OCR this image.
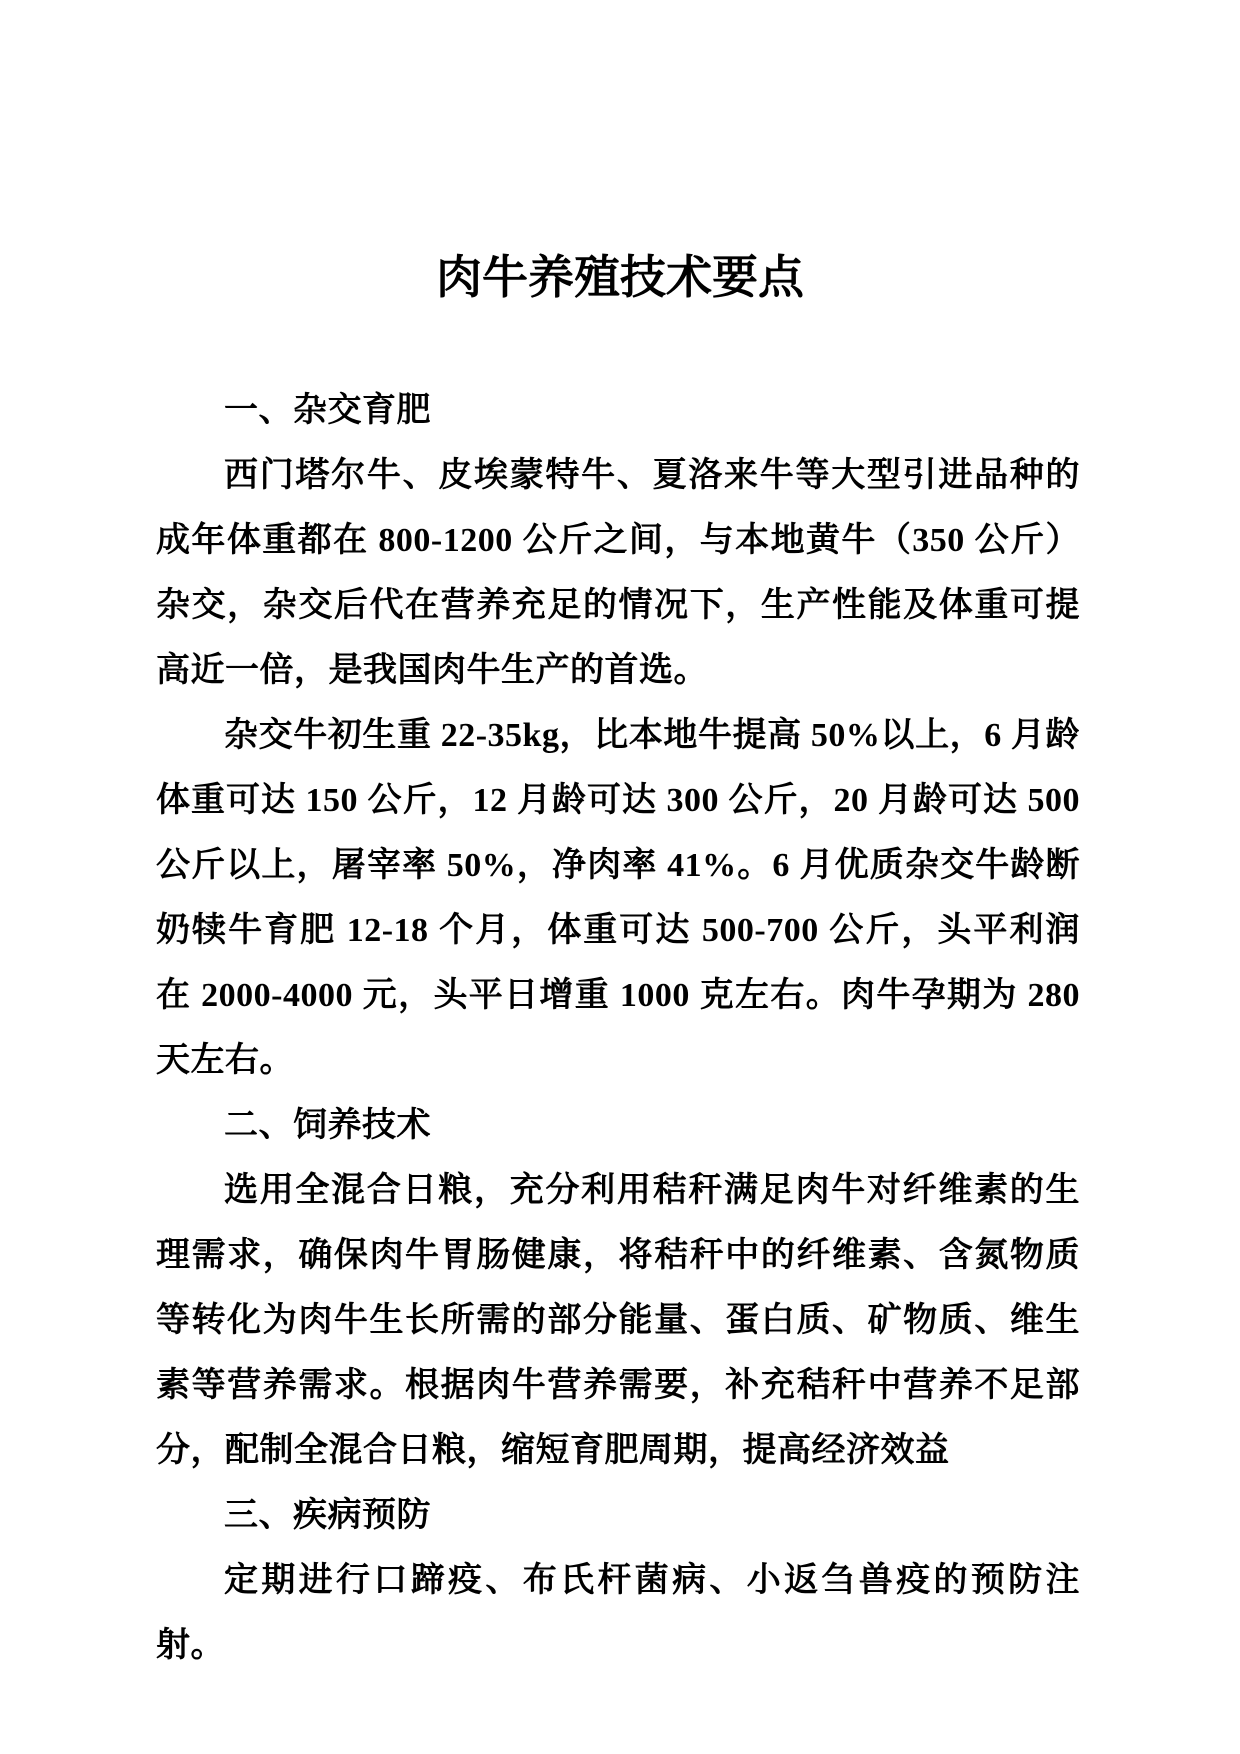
肉牛养殖技术要点

一、杂交育肥

西门塔尔牛、皮埃蒙特牛、夏洛来牛等大型引进品种的成年体重都在 800-1200 公斤之间，与本地黄牛（350 公斤）杂交，杂交后代在营养充足的情况下，生产性能及体重可提高近一倍，是我国肉牛生产的首选。

杂交牛初生重 22-35kg，比本地牛提高 50%以上，6 月龄体重可达 150 公斤，12 月龄可达 300 公斤，20 月龄可达 500 公斤以上，屠宰率 50%，净肉率 41%。6 月优质杂交牛龄断奶犊牛育肥 12-18 个月，体重可达 500-700 公斤，头平利润在 2000-4000 元，头平日增重 1000 克左右。肉牛孕期为 280 天左右。

二、饲养技术

选用全混合日粮，充分利用秸秆满足肉牛对纤维素的生理需求，确保肉牛胃肠健康，将秸秆中的纤维素、含氮物质等转化为肉牛生长所需的部分能量、蛋白质、矿物质、维生素等营养需求。根据肉牛营养需要，补充秸秆中营养不足部分，配制全混合日粮，缩短育肥周期，提高经济效益

三、疾病预防

定期进行口蹄疫、布氏杆菌病、小返刍兽疫的预防注射。
